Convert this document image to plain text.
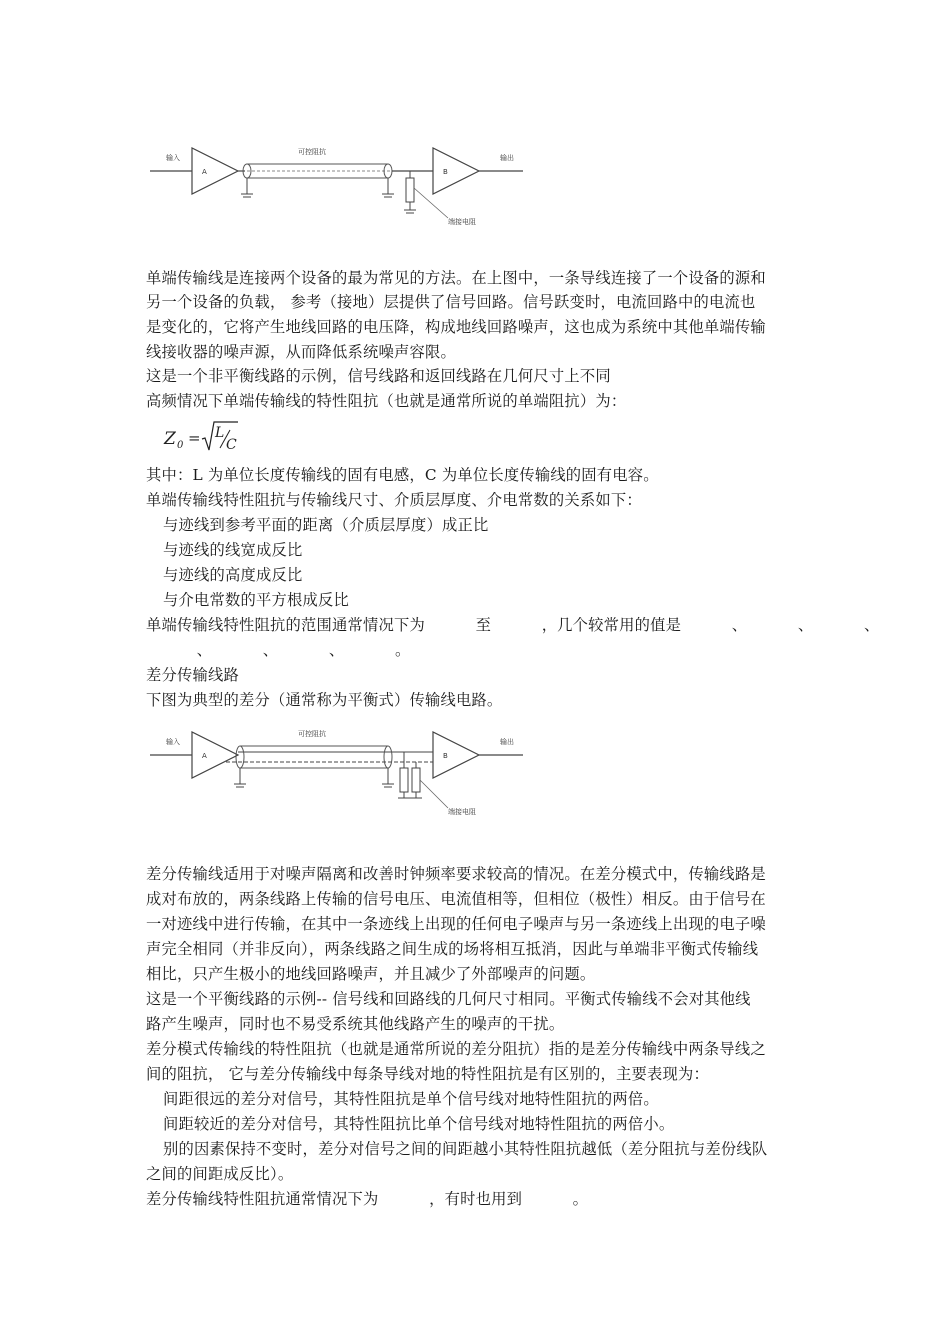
输入
A
可控阻抗
端接电阻
B
输出
单端传输线是连接两个设备的最为常见的方法。在上图中，一条导线连接了一个设备的源和
另一个设备的负载， 参考（接地）层提供了信号回路。信号跃变时，电流回路中的电流也
是变化的，它将产生地线回路的电压降，构成地线回路噪声，这也成为系统中其他单端传输
线接收器的噪声源，从而降低系统噪声容限。
这是一个非平衡线路的示例，信号线路和返回线路在几何尺寸上不同
高频情况下单端传输线的特性阻抗（也就是通常所说的单端阻抗）为：
Z 0 = L
C
其中：L 为单位长度传输线的固有电感，C 为单位长度传输线的固有电容。
单端传输线特性阻抗与传输线尺寸、介质层厚度、介电常数的关系如下：
与迹线到参考平面的距离（介质层厚度）成正比
与迹线的线宽成反比
与迹线的高度成反比
与介电常数的平方根成反比
单端传输线特性阻抗的范围通常情况下为          至          ，几个较常用的值是          、          、          、
、          、          、          。
差分传输线路
下图为典型的差分（通常称为平衡式）传输线电路。
输入
A
可控阻抗
端接电阻
B
输出
差分传输线适用于对噪声隔离和改善时钟频率要求较高的情况。在差分模式中，传输线路是
成对布放的，两条线路上传输的信号电压、电流值相等，但相位（极性）相反。由于信号在
一对迹线中进行传输，在其中一条迹线上出现的任何电子噪声与另一条迹线上出现的电子噪
声完全相同（并非反向），两条线路之间生成的场将相互抵消，因此与单端非平衡式传输线
相比，只产生极小的地线回路噪声，并且减少了外部噪声的问题。
这是一个平衡线路的示例-- 信号线和回路线的几何尺寸相同。平衡式传输线不会对其他线
路产生噪声，同时也不易受系统其他线路产生的噪声的干扰。
差分模式传输线的特性阻抗（也就是通常所说的差分阻抗）指的是差分传输线中两条导线之
间的阻抗， 它与差分传输线中每条导线对地的特性阻抗是有区别的，主要表现为：
间距很远的差分对信号，其特性阻抗是单个信号线对地特性阻抗的两倍。
间距较近的差分对信号，其特性阻抗比单个信号线对地特性阻抗的两倍小。
别的因素保持不变时，差分对信号之间的间距越小其特性阻抗越低（差分阻抗与差份线队
之间的间距成反比）。
差分传输线特性阻抗通常情况下为          ，有时也用到          。
